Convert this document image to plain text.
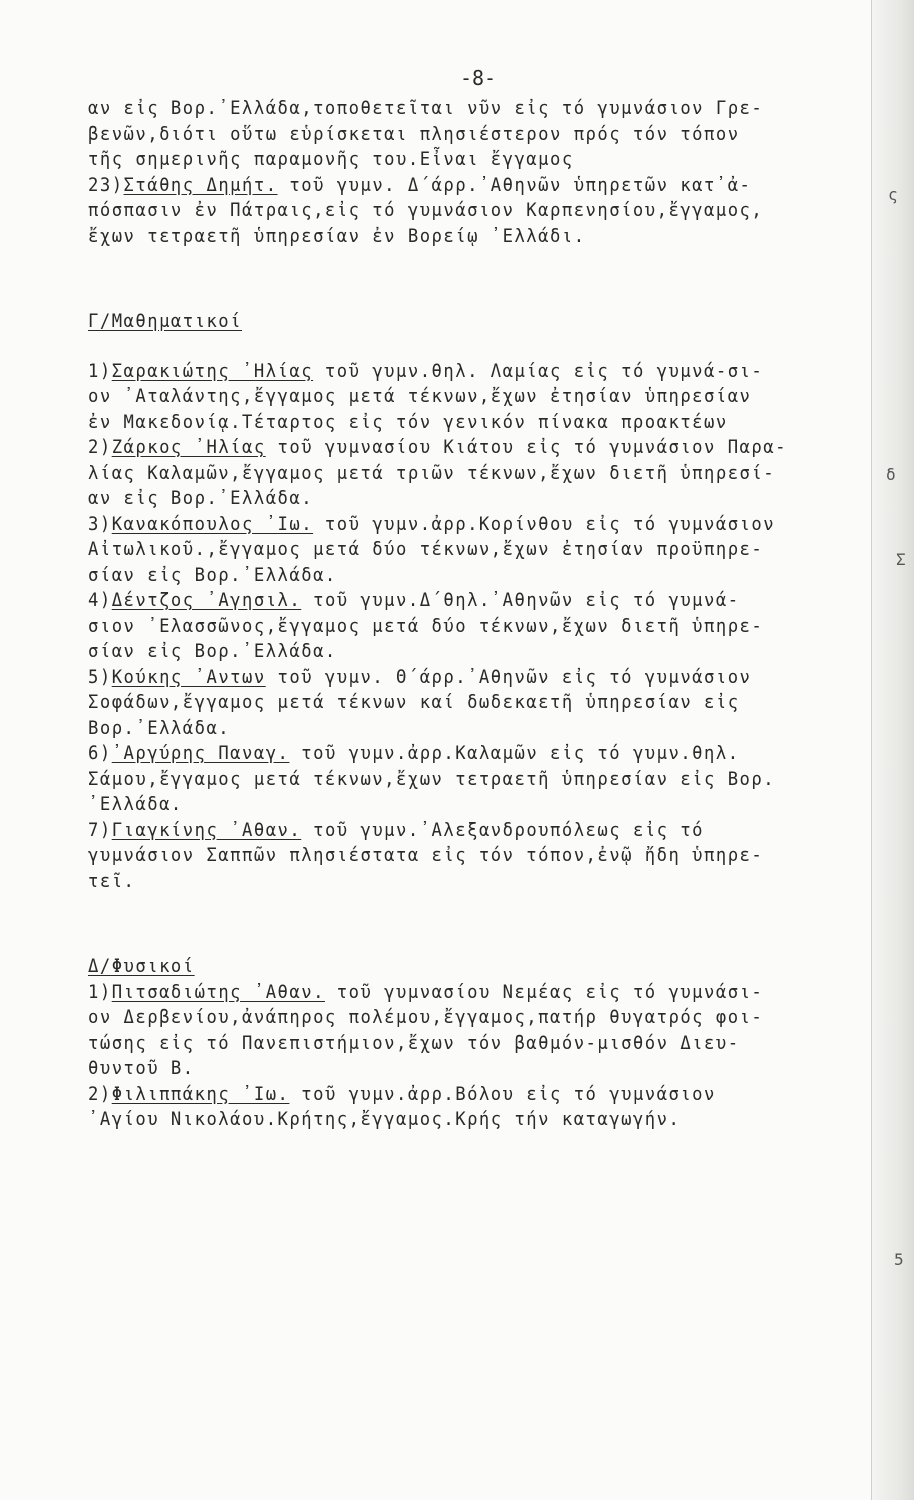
ς
δ
Σ
5
-8-
αν εἰς Βορ.᾽Ελλάδα,τοποθετεῖται νῦν εἰς τό γυμνάσιον Γρε-
βενῶν,διότι οὕτω εὑρίσκεται πλησιέστερον πρός τόν τόπον
τῆς σημερινῆς παραμονῆς του.Εἶναι ἔγγαμος
23)Στάθης Δημήτ. τοῦ γυμν. Δ΄άρρ.᾽Αθηνῶν ὑπηρετῶν κατ᾽ἀ-
πόσπασιν ἐν Πάτραις,εἰς τό γυμνάσιον Καρπενησίου,ἔγγαμος,
ἔχων τετραετῆ ὑπηρεσίαν ἐν Βορείῳ ᾽Ελλάδι.
Γ/Μαθηματικοί
1)Σαρακιώτης ᾽Ηλίας τοῦ γυμν.θηλ. Λαμίας εἰς τό γυμνά-σι-
ον ᾽Αταλάντης,ἔγγαμος μετά τέκνων,ἔχων ἐτησίαν ὑπηρεσίαν
ἐν Μακεδονίᾳ.Τέταρτος εἰς τόν γενικόν πίνακα προακτέων
2)Ζάρκος ᾽Ηλίας τοῦ γυμνασίου Κιάτου εἰς τό γυμνάσιον Παρα-
λίας Καλαμῶν,ἔγγαμος μετά τριῶν τέκνων,ἔχων διετῆ ὑπηρεσί-
αν εἰς Βορ.᾽Ελλάδα.
3)Κανακόπουλος ᾽Ιω. τοῦ γυμν.ἀρρ.Κορίνθου εἰς τό γυμνάσιον
Αἰτωλικοῦ.,ἔγγαμος μετά δύο τέκνων,ἔχων ἐτησίαν προϋπηρε-
σίαν εἰς Βορ.᾽Ελλάδα.
4)Δέντζος ᾽Αγησιλ. τοῦ γυμν.Δ΄θηλ.᾽Αθηνῶν εἰς τό γυμνά-
σιον ᾽Ελασσῶνος,ἔγγαμος μετά δύο τέκνων,ἔχων διετῆ ὑπηρε-
σίαν εἰς Βορ.᾽Ελλάδα.
5)Κούκης ᾽Αντων τοῦ γυμν. Θ΄άρρ.᾽Αθηνῶν εἰς τό γυμνάσιον
Σοφάδων,ἔγγαμος μετά τέκνων καί δωδεκαετῆ ὑπηρεσίαν εἰς
Βορ.᾽Ελλάδα.
6)᾽Αργύρης Παναγ. τοῦ γυμν.ἀρρ.Καλαμῶν εἰς τό γυμν.θηλ.
Σάμου,ἔγγαμος μετά τέκνων,ἔχων τετραετῆ ὑπηρεσίαν εἰς Βορ.
᾽Ελλάδα.
7)Γιαγκίνης ᾽Αθαν. τοῦ γυμν.᾽Αλεξανδρουπόλεως εἰς τό
γυμνάσιον Σαππῶν πλησιέστατα εἰς τόν τόπον,ἐνῷ ἤδη ὑπηρε-
τεῖ.
Δ/Φυσικοί
1)Πιτσαδιώτης ᾽Αθαν. τοῦ γυμνασίου Νεμέας εἰς τό γυμνάσι-
ον Δερβενίου,ἀνάπηρος πολέμου,ἔγγαμος,πατήρ θυγατρός φοι-
τώσης εἰς τό Πανεπιστήμιον,ἔχων τόν βαθμόν-μισθόν Διευ-
θυντοῦ Β.
2)Φιλιππάκης ᾽Ιω. τοῦ γυμν.ἀρρ.Βόλου εἰς τό γυμνάσιον
᾽Αγίου Νικολάου.Κρήτης,ἔγγαμος.Κρής τήν καταγωγήν.
